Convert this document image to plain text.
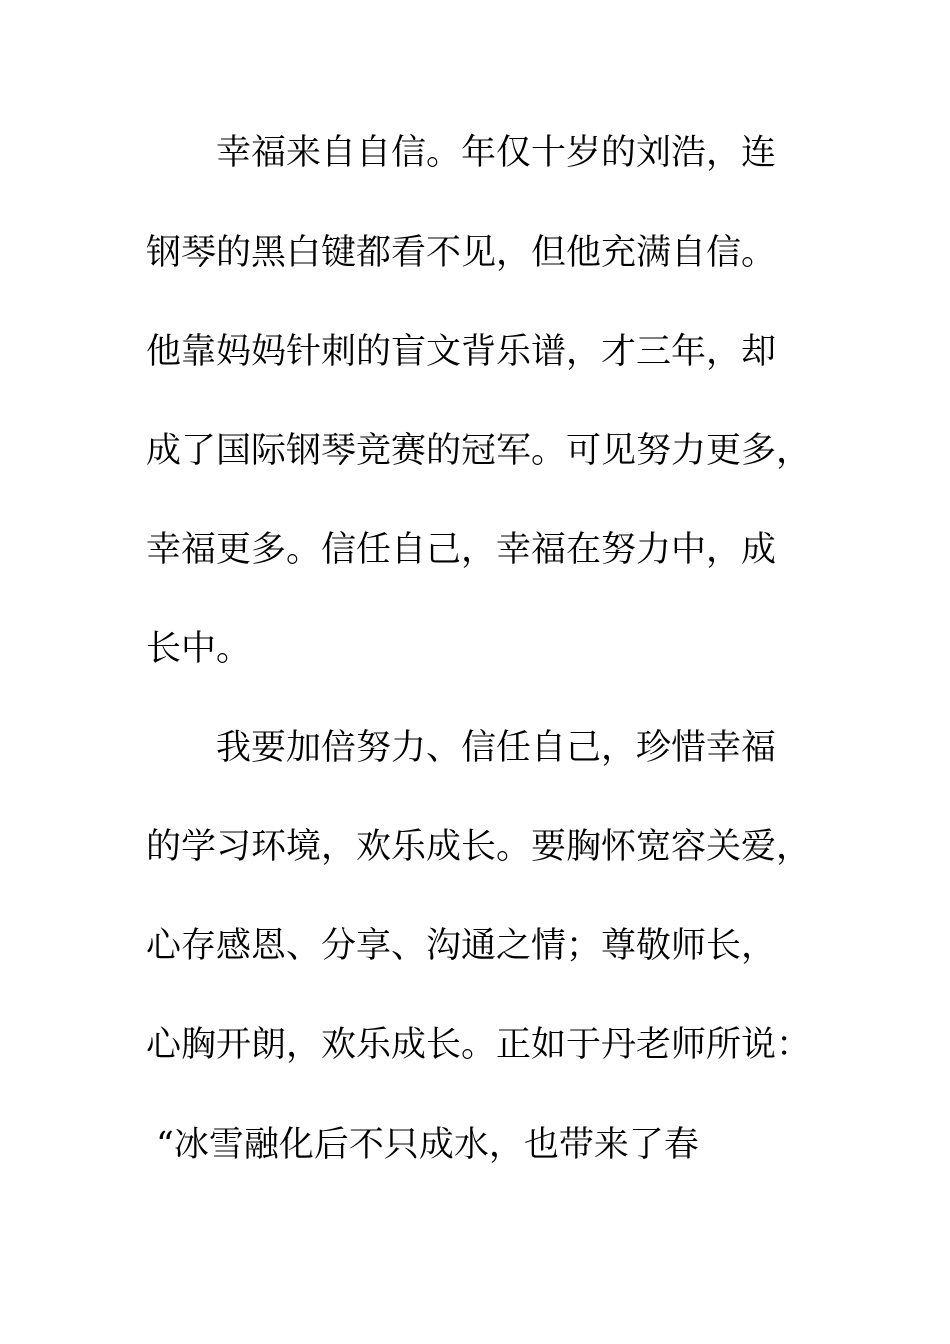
幸福来自自信。年仅十岁的刘浩，连
钢琴的黑白键都看不见，但他充满自信。
他靠妈妈针刺的盲文背乐谱，才三年，却
成了国际钢琴竞赛的冠军。可见努力更多，
幸福更多。信任自己，幸福在努力中，成
长中。
我要加倍努力、信任自己，珍惜幸福
的学习环境，欢乐成长。要胸怀宽容关爱，
心存感恩、分享、沟通之情；尊敬师长，
心胸开朗，欢乐成长。正如于丹老师所说：
“冰雪融化后不只成水，也带来了春
